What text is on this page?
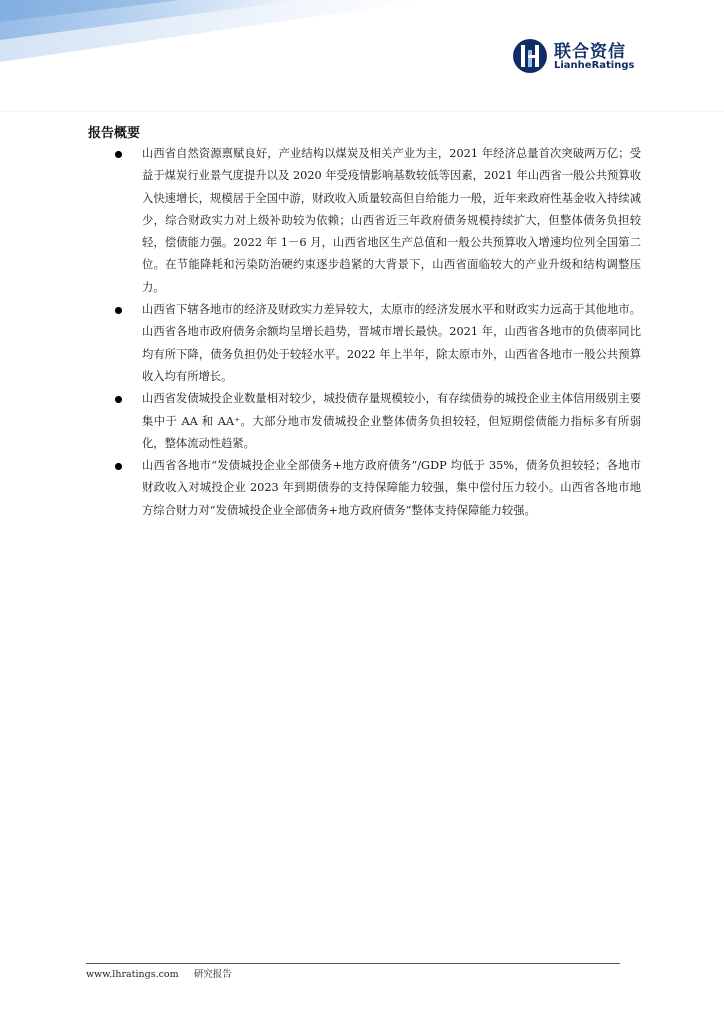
联合资信
LianheRatings
报告概要
山西省自然资源禀赋良好，产业结构以煤炭及相关产业为主，2021 年经济总量首次突破两万亿；受益于煤炭行业景气度提升以及 2020 年受疫情影响基数较低等因素，2021 年山西省一般公共预算收入快速增长，规模居于全国中游，财政收入质量较高但自给能力一般，近年来政府性基金收入持续减少，综合财政实力对上级补助较为依赖；山西省近三年政府债务规模持续扩大，但整体债务负担较轻，偿债能力强。2022 年 1－6 月，山西省地区生产总值和一般公共预算收入增速均位列全国第二位。在节能降耗和污染防治硬约束逐步趋紧的大背景下，山西省面临较大的产业升级和结构调整压力。
山西省下辖各地市的经济及财政实力差异较大，太原市的经济发展水平和财政实力远高于其他地市。山西省各地市政府债务余额均呈增长趋势，晋城市增长最快。2021 年，山西省各地市的负债率同比均有所下降，债务负担仍处于较轻水平。2022 年上半年，除太原市外，山西省各地市一般公共预算收入均有所增长。
山西省发债城投企业数量相对较少，城投债存量规模较小，有存续债券的城投企业主体信用级别主要集中于 AA 和 AA⁺。大部分地市发债城投企业整体债务负担较轻，但短期偿债能力指标多有所弱化，整体流动性趋紧。
山西省各地市“发债城投企业全部债务+地方政府债务”/GDP 均低于 35%，债务负担较轻；各地市财政收入对城投企业 2023 年到期债券的支持保障能力较强，集中偿付压力较小。山西省各地市地方综合财力对“发债城投企业全部债务+地方政府债务”整体支持保障能力较强。
www.lhratings.com 研究报告
